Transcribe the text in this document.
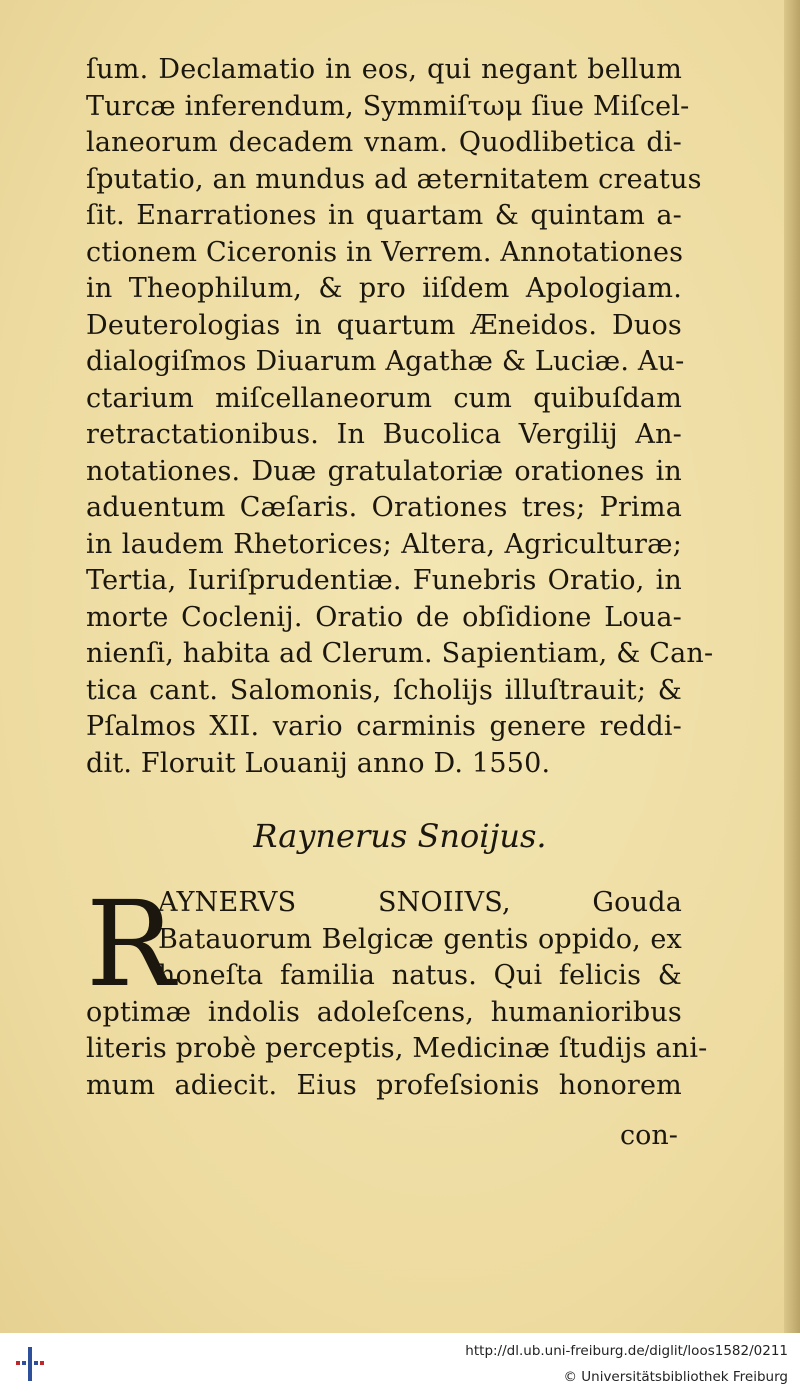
ſum. Declamatio in eos, qui negant bellum
Turcæ inferendum, Symmiſτωμ ſiue Miſcel-
laneorum decadem vnam. Quodlibetica di-
ſputatio, an mundus ad æternitatem creatus
ſit. Enarrationes in quartam & quintam a-
ctionem Ciceronis in Verrem. Annotationes
in Theophilum, & pro iiſdem Apologiam.
Deuterologias in quartum Æneidos. Duos
dialogiſmos Diuarum Agathæ & Luciæ. Au-
ctarium miſcellaneorum cum quibuſdam
retractationibus. In Bucolica Vergilij An-
notationes. Duæ gratulatoriæ orationes in
aduentum Cæſaris. Orationes tres; Prima
in laudem Rhetorices; Altera, Agriculturæ;
Tertia, Iuriſprudentiæ. Funebris Oratio, in
morte Coclenij. Oratio de obſidione Loua-
nienſi, habita ad Clerum. Sapientiam, & Can-
tica cant. Salomonis, ſcholijs illuſtrauit; &
Pſalmos XII. vario carminis genere reddi-
dit. Floruit Louanij anno D. 1550.
Raynerus Snoijus.
R
AYNERVS SNOIIVS, Gouda
Batauorum Belgicæ gentis oppido, ex
honeſta familia natus. Qui felicis &
optimæ indolis adoleſcens, humanioribus
literis probè perceptis, Medicinæ ſtudijs ani-
mum adiecit. Eius profeſsionis honorem
con-
http://dl.ub.uni-freiburg.de/diglit/loos1582/0211
© Universitätsbibliothek Freiburg
